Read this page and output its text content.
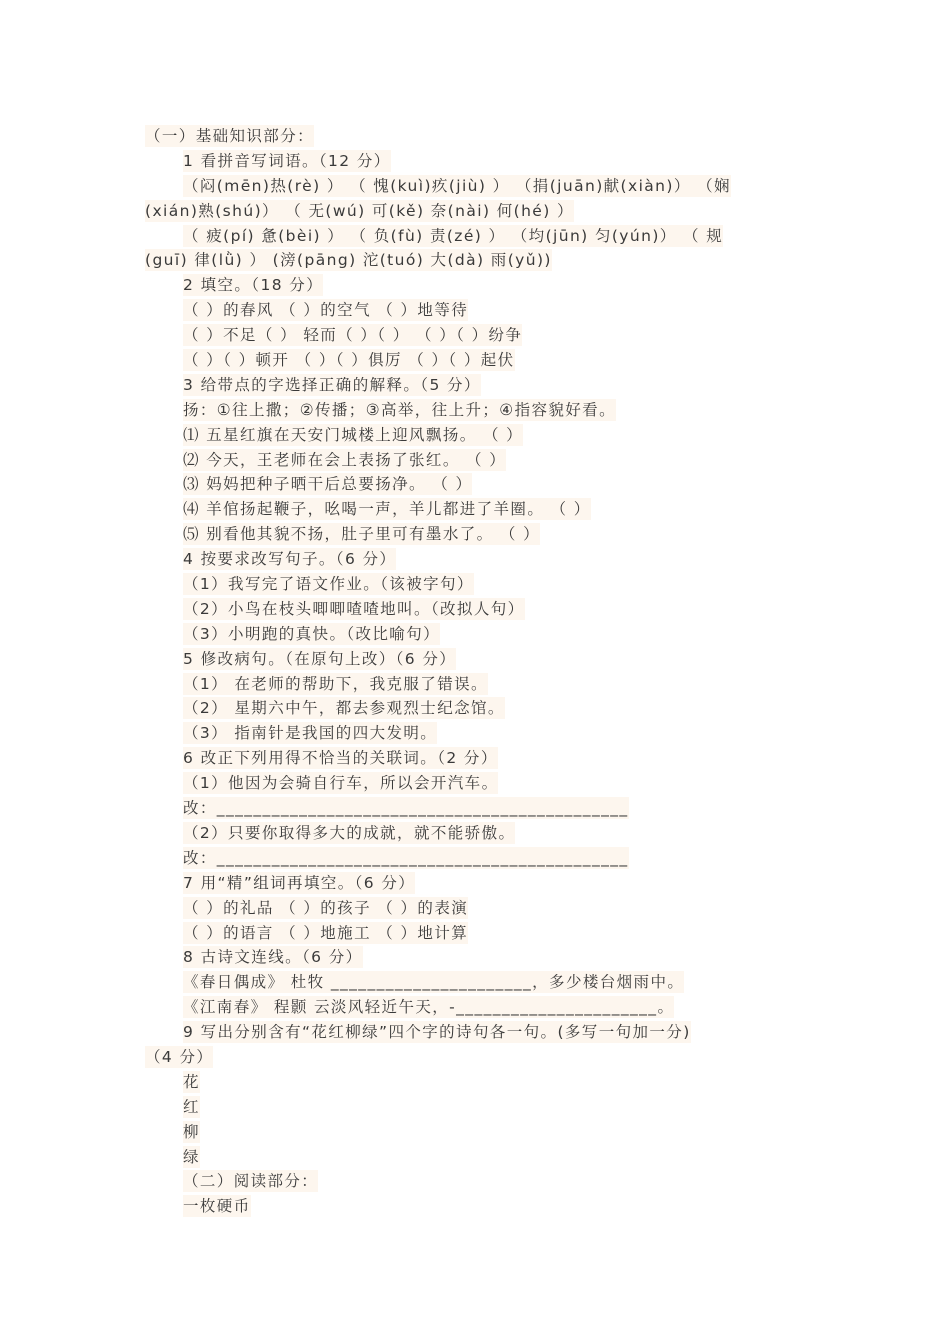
（一）基础知识部分：
1 看拼音写词语。（12 分）
（闷(mēn)热(rè) ） （ 愧(kuì)疚(jiù) ） （捐(juān)献(xiàn)） （娴
(xián)熟(shú)） （ 无(wú) 可(kě) 奈(nài) 何(hé) ）
（ 疲(pí) 惫(bèi) ） （ 负(fù) 责(zé) ） （均(jūn) 匀(yún)） （ 规
(guī) 律(lǜ) ） (滂(pāng) 沱(tuó) 大(dà) 雨(yǔ))
2 填空。（18 分）
（ ）的春风 （ ）的空气 （ ）地等待
（ ）不足（ ） 轻而（ ）（ ） （ ）（ ）纷争
（ ）（ ）顿开 （ ）（ ）俱厉 （ ）（ ）起伏
3 给带点的字选择正确的解释。（5 分）
扬：①往上撒；②传播；③高举，往上升；④指容貌好看。
⑴ 五星红旗在天安门城楼上迎风飘扬。 （ ）
⑵ 今天，王老师在会上表扬了张红。 （ ）
⑶ 妈妈把种子晒干后总要扬净。 （ ）
⑷ 羊倌扬起鞭子，吆喝一声，羊儿都进了羊圈。 （ ）
⑸ 别看他其貌不扬，肚子里可有墨水了。 （ ）
4 按要求改写句子。（6 分）
（1）我写完了语文作业。（该被字句）
（2）小鸟在枝头唧唧喳喳地叫。（改拟人句）
（3）小明跑的真快。（改比喻句）
5 修改病句。（在原句上改）（6 分）
（1） 在老师的帮助下，我克服了错误。
（2） 星期六中午，都去参观烈士纪念馆。
（3） 指南针是我国的四大发明。
6 改正下列用得不恰当的关联词。（2 分）
（1）他因为会骑自行车，所以会开汽车。
改：_____________________________________________
（2）只要你取得多大的成就，就不能骄傲。
改：_____________________________________________
7 用“精”组词再填空。（6 分）
（ ）的礼品 （ ）的孩子 （ ）的表演
（ ）的语言 （ ）地施工 （ ）地计算
8 古诗文连线。（6 分）
《春日偶成》 杜牧 ______________________，多少楼台烟雨中。
《江南春》 程颢 云淡风轻近午天，-______________________。
9 写出分别含有“花红柳绿”四个字的诗句各一句。(多写一句加一分)
（4 分）
花
红
柳
绿
（二）阅读部分：
一枚硬币
